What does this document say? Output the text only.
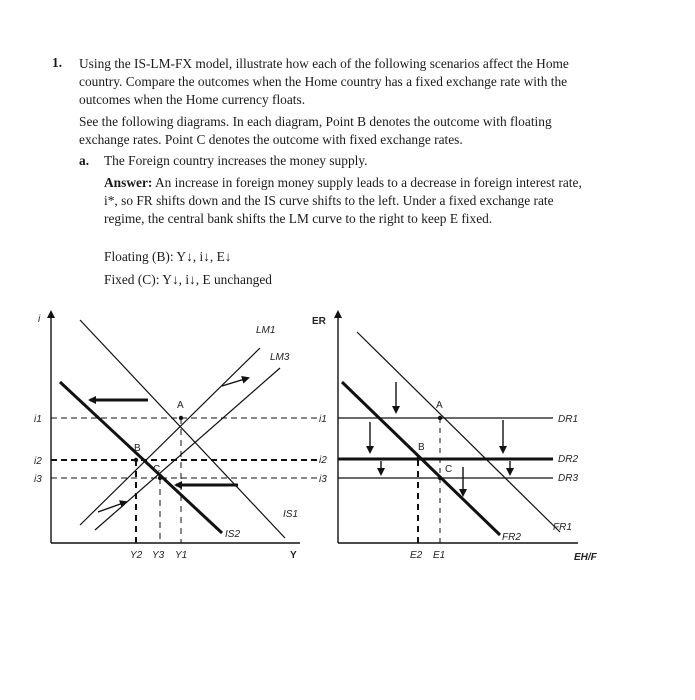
1. Using the IS-LM-FX model, illustrate how each of the following scenarios affect the Home country. Compare the outcomes when the Home country has a fixed exchange rate with the outcomes when the Home currency floats.
See the following diagrams. In each diagram, Point B denotes the outcome with floating exchange rates. Point C denotes the outcome with fixed exchange rates.
a. The Foreign country increases the money supply.
Answer: An increase in foreign money supply leads to a decrease in foreign interest rate, i*, so FR shifts down and the IS curve shifts to the left. Under a fixed exchange rate regime, the central bank shifts the LM curve to the right to keep E fixed.
Floating (B): Y↓, i↓, E↓
Fixed (C): Y↓, i↓, E unchanged
i
Y
A
B
C
i1
i2
i3
Y2 Y3 Y1
LM1
LM3
IS1
IS2
ER
EH/F
A
B
C
i1
i2
i3
E2 E1
DR1
DR2
DR3
FR1
FR2
